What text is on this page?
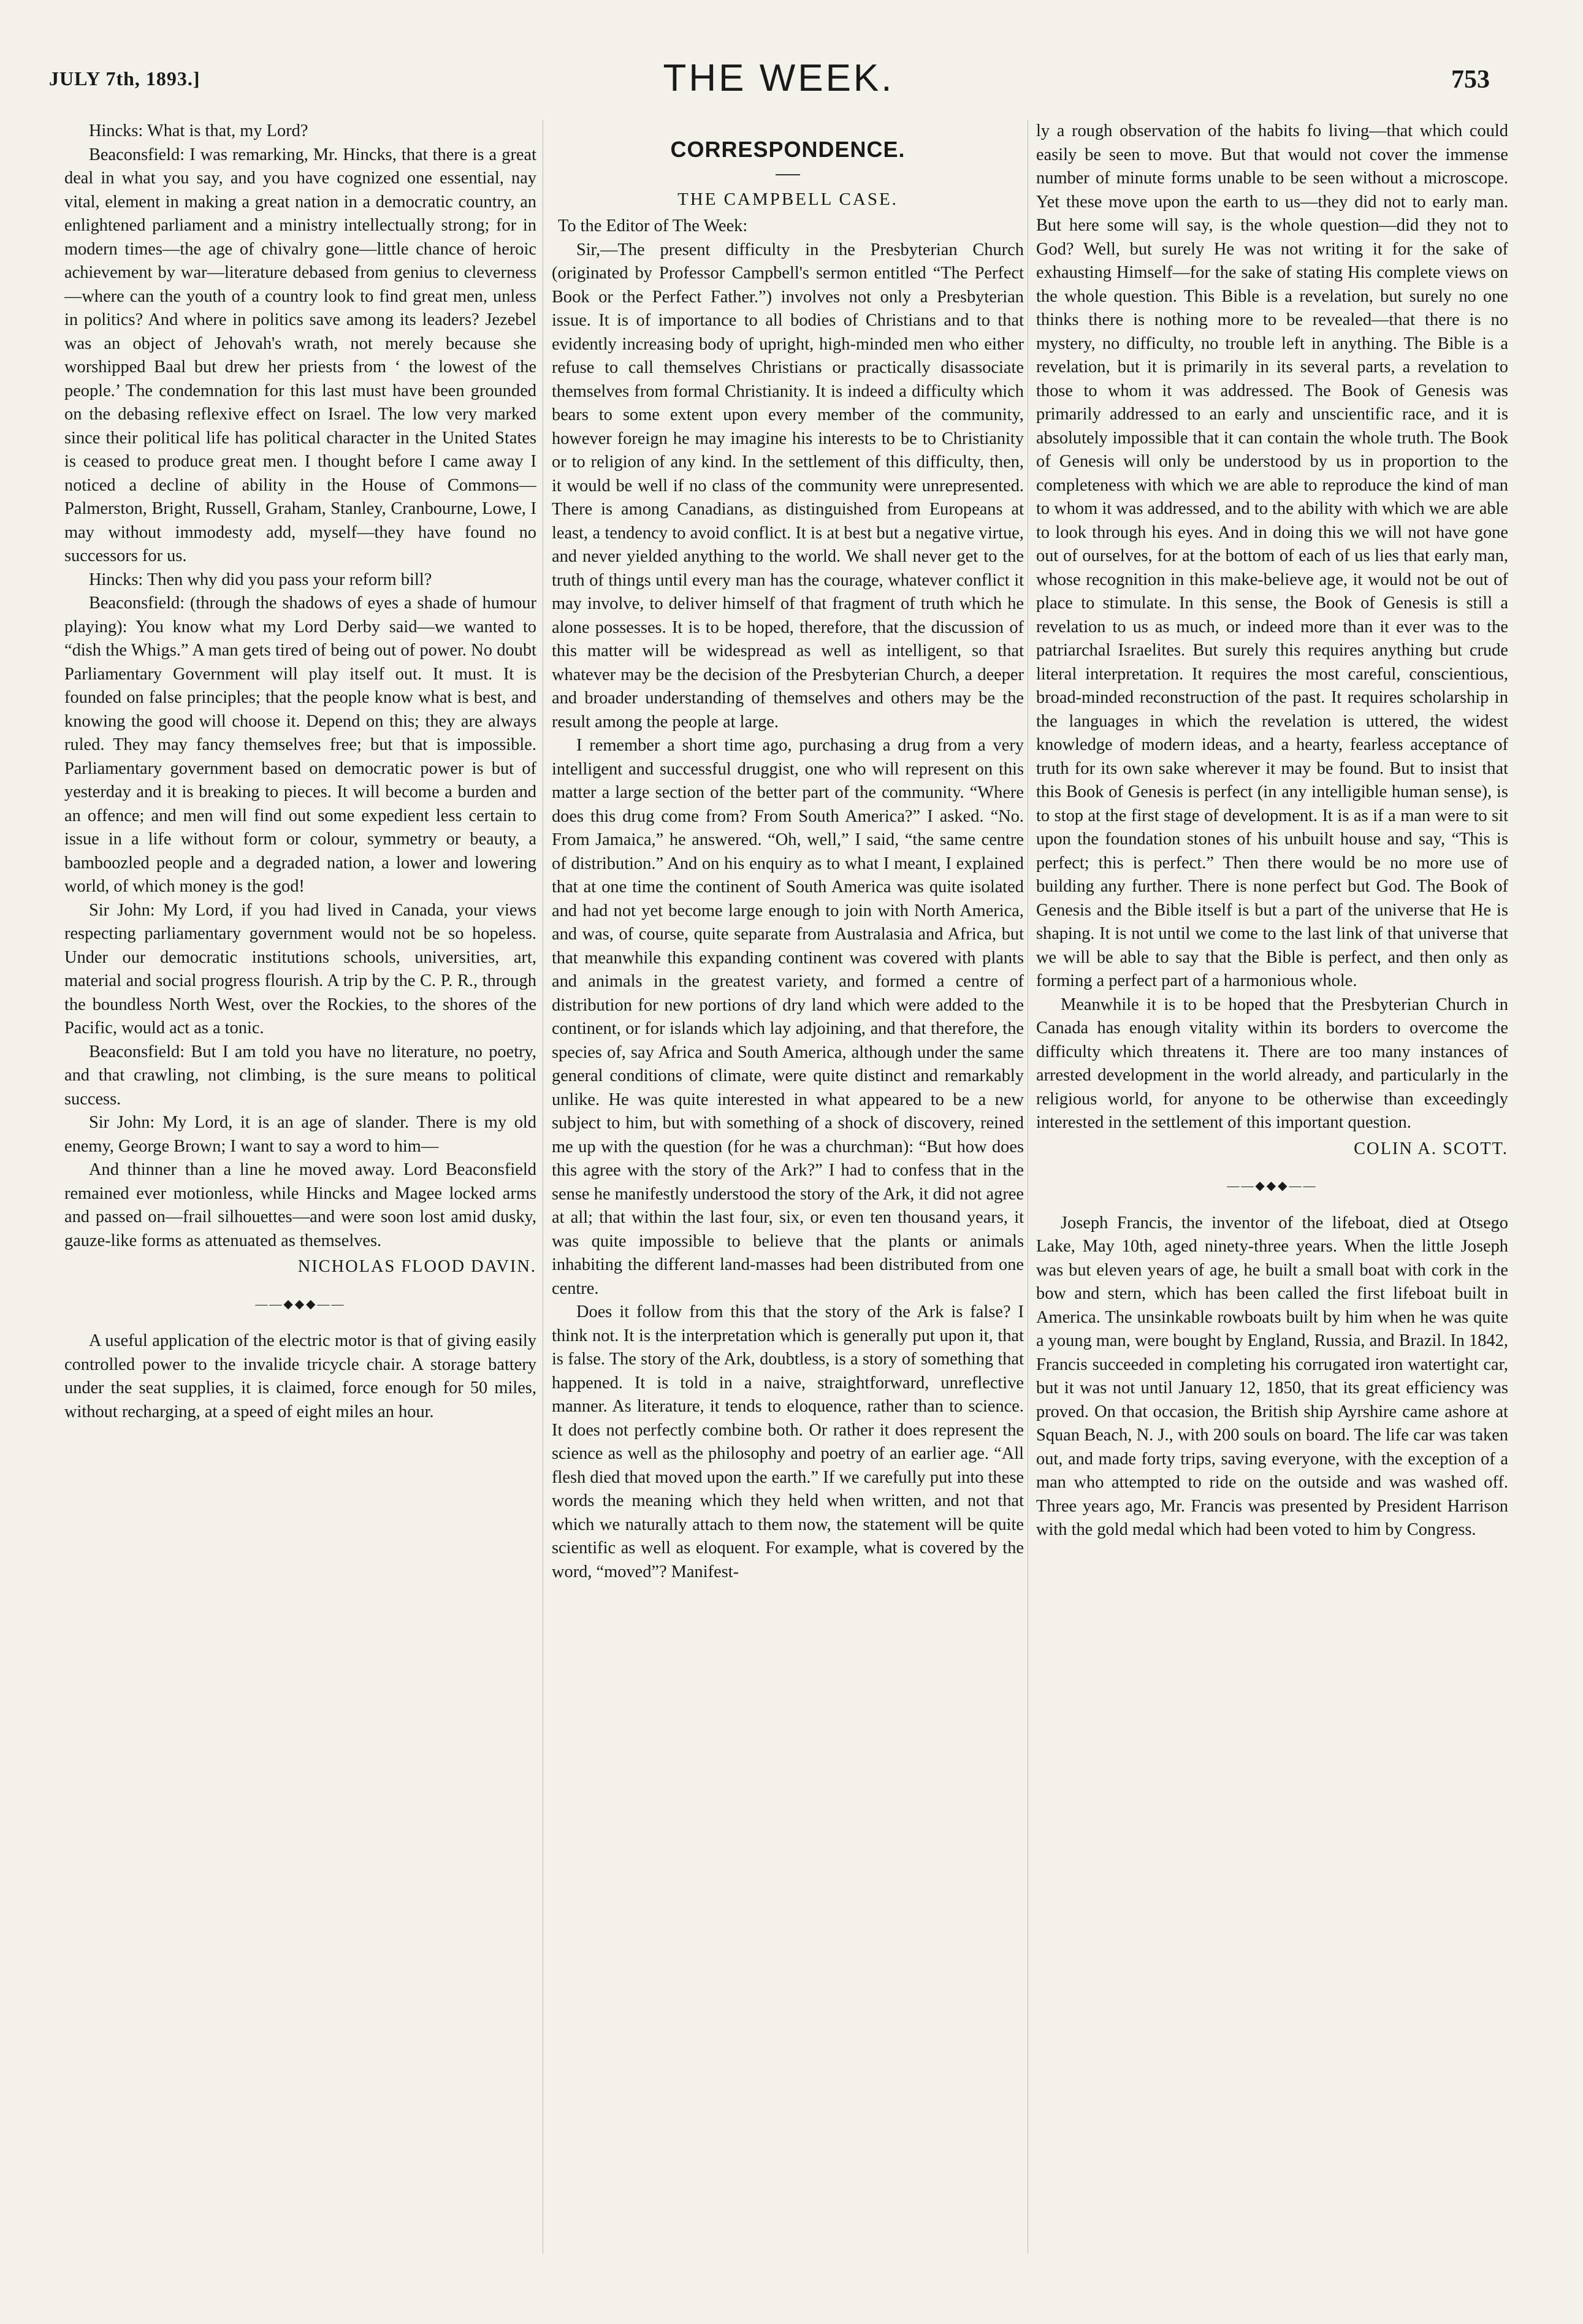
JULY 7th, 1893.]	THE WEEK.	753

Hincks: What is that, my Lord?

Beaconsfield: I was remarking, Mr. Hincks, that there is a great deal in what you say, and you have cognized one essential, nay vital, element in making a great nation in a democratic country, an enlightened parliament and a ministry intellectually strong; for in modern times—the age of chivalry gone—little chance of heroic achievement by war—literature debased from genius to cleverness—where can the youth of a country look to find great men, unless in politics? And where in politics save among its leaders? Jezebel was an object of Jehovah's wrath, not merely because she worshipped Baal but drew her priests from ‘ the lowest of the people.’ The condemnation for this last must have been grounded on the debasing reflexive effect on Israel. The low very marked since their political life has political character in the United States is ceased to produce great men. I thought before I came away I noticed a decline of ability in the House of Commons—Palmerston, Bright, Russell, Graham, Stanley, Cranbourne, Lowe, I may without immodesty add, myself—they have found no successors for us.

Hincks: Then why did you pass your reform bill?

Beaconsfield: (through the shadows of eyes a shade of humour playing): You know what my Lord Derby said—we wanted to “dish the Whigs.” A man gets tired of being out of power. No doubt Parliamentary Government will play itself out. It must. It is founded on false principles; that the people know what is best, and knowing the good will choose it. Depend on this; they are always ruled. They may fancy themselves free; but that is impossible. Parliamentary government based on democratic power is but of yesterday and it is breaking to pieces. It will become a burden and an offence; and men will find out some expedient less certain to issue in a life without form or colour, symmetry or beauty, a bamboozled people and a degraded nation, a lower and lowering world, of which money is the god!

Sir John: My Lord, if you had lived in Canada, your views respecting parliamentary government would not be so hopeless. Under our democratic institutions schools, universities, art, material and social progress flourish. A trip by the C. P. R., through the boundless North West, over the Rockies, to the shores of the Pacific, would act as a tonic.

Beaconsfield: But I am told you have no literature, no poetry, and that crawling, not climbing, is the sure means to political success.

Sir John: My Lord, it is an age of slander. There is my old enemy, George Brown; I want to say a word to him—

And thinner than a line he moved away. Lord Beaconsfield remained ever motionless, while Hincks and Magee locked arms and passed on—frail silhouettes—and were soon lost amid dusky, gauze-like forms as attenuated as themselves.

NICHOLAS FLOOD DAVIN.
——◆◆◆——

A useful application of the electric motor is that of giving easily controlled power to the invalide tricycle chair. A storage battery under the seat supplies, it is claimed, force enough for 50 miles, without recharging, at a speed of eight miles an hour.

CORRESPONDENCE.
THE CAMPBELL CASE.

To the Editor of The Week:

Sir,—The present difficulty in the Presbyterian Church (originated by Professor Campbell's sermon entitled “The Perfect Book or the Perfect Father.”) involves not only a Presbyterian issue. It is of importance to all bodies of Christians and to that evidently increasing body of upright, high-minded men who either refuse to call themselves Christians or practically disassociate themselves from formal Christianity. It is indeed a difficulty which bears to some extent upon every member of the community, however foreign he may imagine his interests to be to Christianity or to religion of any kind. In the settlement of this difficulty, then, it would be well if no class of the community were unrepresented. There is among Canadians, as distinguished from Europeans at least, a tendency to avoid conflict. It is at best but a negative virtue, and never yielded anything to the world. We shall never get to the truth of things until every man has the courage, whatever conflict it may involve, to deliver himself of that fragment of truth which he alone possesses. It is to be hoped, therefore, that the discussion of this matter will be widespread as well as intelligent, so that whatever may be the decision of the Presbyterian Church, a deeper and broader understanding of themselves and others may be the result among the people at large.

I remember a short time ago, purchasing a drug from a very intelligent and successful druggist, one who will represent on this matter a large section of the better part of the community. “Where does this drug come from? From South America?” I asked. “No. From Jamaica,” he answered. “Oh, well,” I said, “the same centre of distribution.” And on his enquiry as to what I meant, I explained that at one time the continent of South America was quite isolated and had not yet become large enough to join with North America, and was, of course, quite separate from Australasia and Africa, but that meanwhile this expanding continent was covered with plants and animals in the greatest variety, and formed a centre of distribution for new portions of dry land which were added to the continent, or for islands which lay adjoining, and that therefore, the species of, say Africa and South America, although under the same general conditions of climate, were quite distinct and remarkably unlike. He was quite interested in what appeared to be a new subject to him, but with something of a shock of discovery, reined me up with the question (for he was a churchman): “But how does this agree with the story of the Ark?” I had to confess that in the sense he manifestly understood the story of the Ark, it did not agree at all; that within the last four, six, or even ten thousand years, it was quite impossible to believe that the plants or animals inhabiting the different land-masses had been distributed from one centre.

Does it follow from this that the story of the Ark is false? I think not. It is the interpretation which is generally put upon it, that is false. The story of the Ark, doubtless, is a story of something that happened. It is told in a naive, straightforward, unreflective manner. As literature, it tends to eloquence, rather than to science. It does not perfectly combine both. Or rather it does represent the science as well as the philosophy and poetry of an earlier age. “All flesh died that moved upon the earth.” If we carefully put into these words the meaning which they held when written, and not that which we naturally attach to them now, the statement will be quite scientific as well as eloquent. For example, what is covered by the word, “moved”? Manifest-

ly a rough observation of the habits fo living—that which could easily be seen to move. But that would not cover the immense number of minute forms unable to be seen without a microscope. Yet these move upon the earth to us—they did not to early man. But here some will say, is the whole question—did they not to God? Well, but surely He was not writing it for the sake of exhausting Himself—for the sake of stating His complete views on the whole question. This Bible is a revelation, but surely no one thinks there is nothing more to be revealed—that there is no mystery, no difficulty, no trouble left in anything. The Bible is a revelation, but it is primarily in its several parts, a revelation to those to whom it was addressed. The Book of Genesis was primarily addressed to an early and unscientific race, and it is absolutely impossible that it can contain the whole truth. The Book of Genesis will only be understood by us in proportion to the completeness with which we are able to reproduce the kind of man to whom it was addressed, and to the ability with which we are able to look through his eyes. And in doing this we will not have gone out of ourselves, for at the bottom of each of us lies that early man, whose recognition in this make-believe age, it would not be out of place to stimulate. In this sense, the Book of Genesis is still a revelation to us as much, or indeed more than it ever was to the patriarchal Israelites. But surely this requires anything but crude literal interpretation. It requires the most careful, conscientious, broad-minded reconstruction of the past. It requires scholarship in the languages in which the revelation is uttered, the widest knowledge of modern ideas, and a hearty, fearless acceptance of truth for its own sake wherever it may be found. But to insist that this Book of Genesis is perfect (in any intelligible human sense), is to stop at the first stage of development. It is as if a man were to sit upon the foundation stones of his unbuilt house and say, “This is perfect; this is perfect.” Then there would be no more use of building any further. There is none perfect but God. The Book of Genesis and the Bible itself is but a part of the universe that He is shaping. It is not until we come to the last link of that universe that we will be able to say that the Bible is perfect, and then only as forming a perfect part of a harmonious whole.

Meanwhile it is to be hoped that the Presbyterian Church in Canada has enough vitality within its borders to overcome the difficulty which threatens it. There are too many instances of arrested development in the world already, and particularly in the religious world, for anyone to be otherwise than exceedingly interested in the settlement of this important question.

COLIN A. SCOTT.
——◆◆◆——

Joseph Francis, the inventor of the lifeboat, died at Otsego Lake, May 10th, aged ninety-three years. When the little Joseph was but eleven years of age, he built a small boat with cork in the bow and stern, which has been called the first lifeboat built in America. The unsinkable rowboats built by him when he was quite a young man, were bought by England, Russia, and Brazil. In 1842, Francis succeeded in completing his corrugated iron watertight car, but it was not until January 12, 1850, that its great efficiency was proved. On that occasion, the British ship Ayrshire came ashore at Squan Beach, N. J., with 200 souls on board. The life car was taken out, and made forty trips, saving everyone, with the exception of a man who attempted to ride on the outside and was washed off. Three years ago, Mr. Francis was presented by President Harrison with the gold medal which had been voted to him by Congress.
